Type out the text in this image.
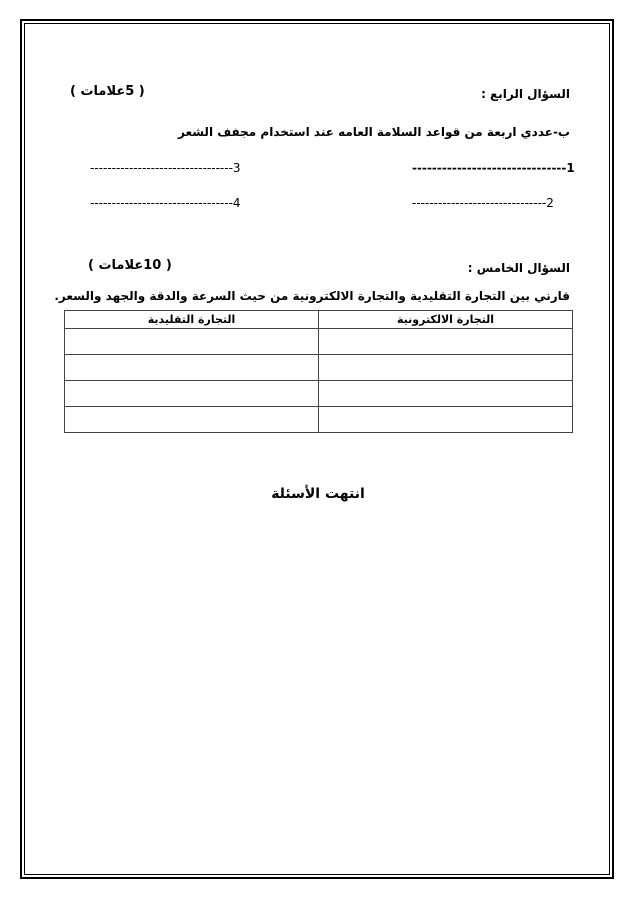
السؤال الرابع :
( 5علامات )
ب-عددي اربعة من قواعد السلامة العامه عند استخدام مجفف الشعر
1-------------------------------
3---------------------------------
2-------------------------------
4---------------------------------
السؤال الخامس :
( 10علامات )
قارني بين التجارة التقليدية والتجارة الالكترونية من حيث السرعة والدقة والجهد والسعر.
التجارة الالكترونية	التجارة التقليدية

انتهت الأسئلة
